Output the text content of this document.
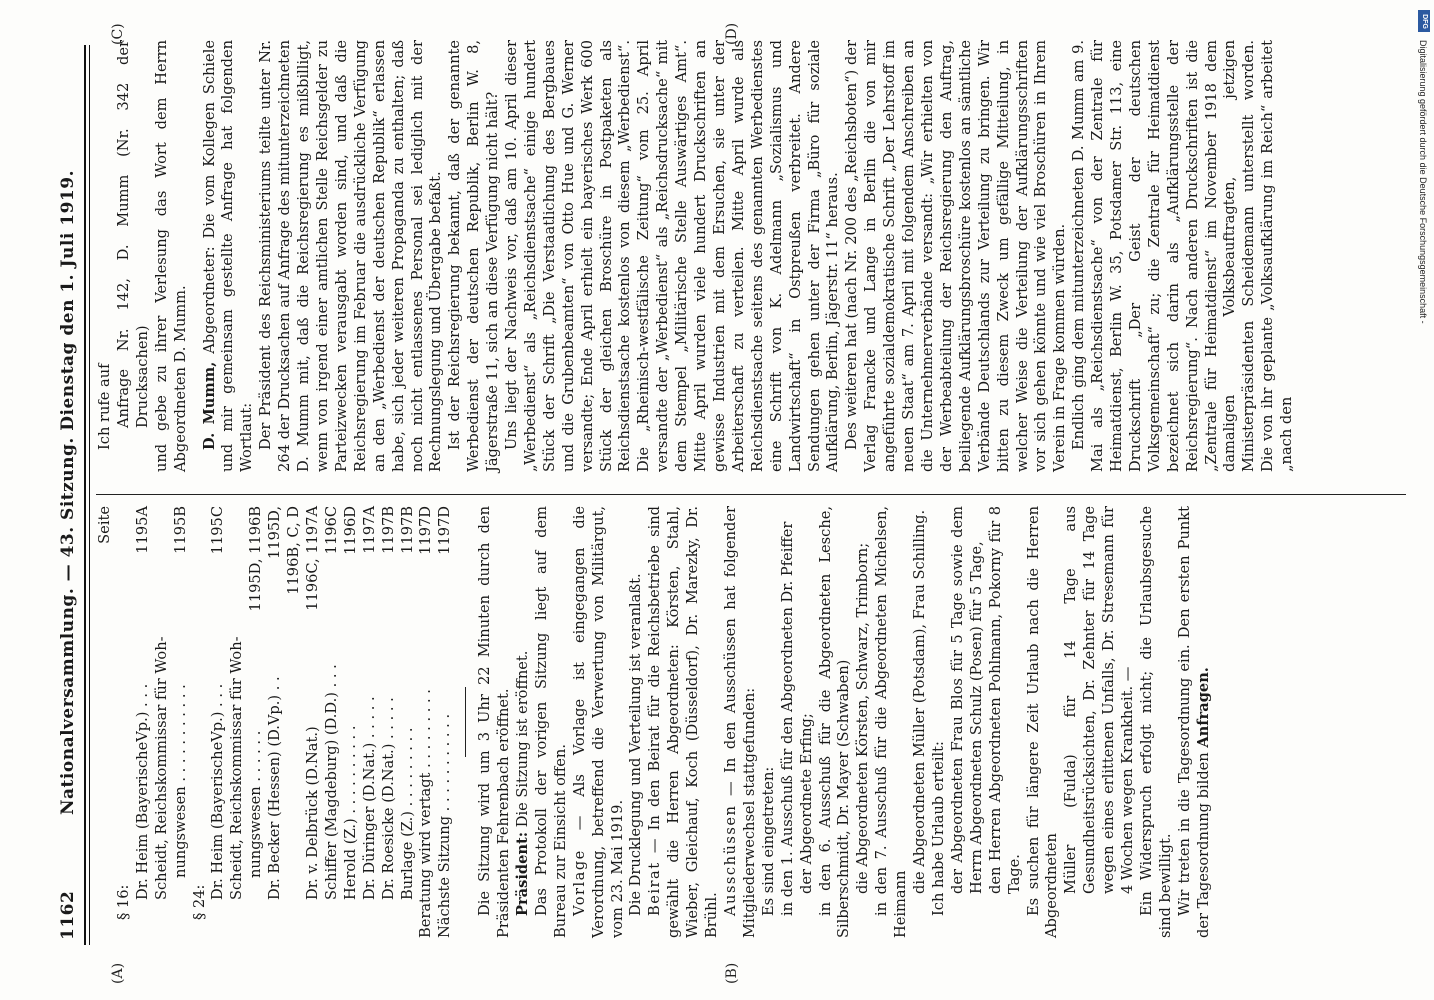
1162
Nationalversammlung. — 43. Sitzung. Dienstag den 1. Juli 1919.
(A)	(B)
(C)	(D)
Seite
§ 16:
Dr. Heim (BayerischeVp.) . . .
1195A
Scheidt, Reichskommissar für Woh- nungswesen . . . . . . . . . . .
1195B
§ 24:
Dr. Heim (BayerischeVp.) . . .
1195C
Scheidt, Reichskommissar für Woh- nungswesen . . . . . .
1195D, 1196B
Dr. Becker (Hessen) (D.Vp.) . .
1195D, 1196B, C, D
Dr. v. Delbrück (D.Nat.)
1196C, 1197A
Schiffer (Magdeburg) (D.D.) . . .
1196C
Herold (Z.) . . . . . . . . . .
1196D
Dr. Düringer (D.Nat.) . . . . .
1197A
Dr. Roesicke (D.Nat.) . . . . .
1197B
Burlage (Z.) . . . . . . . . .
1197B
Beratung wird vertagt . . . . . . . . .
1197D
Nächste Sitzung . . . . . . . . . . .
1197D Die Sitzung wird um 3 Uhr 22 Minuten durch den Präsidenten Fehrenbach eröffnet. Präsident: Die Sitzung ist eröffnet. Das Protokoll der vorigen Sitzung liegt auf dem Bureau zur Einsicht offen. Vorlage — Als Vorlage ist eingegangen die Verordnung, betreffend die Verwertung von Militärgut, vom 23. Mai 1919. Die Drucklegung und Verteilung ist veranlaßt. Beirat — In den Beirat für die Reichsbetriebe sind gewählt die Herren Abgeordneten: Körsten, Stahl, Wieber, Gleichauf, Koch (Düsseldorf), Dr. Marezky, Dr. Brühl. Ausschüssen — In den Ausschüssen hat folgender Mitgliederwechsel stattgefunden: Es sind eingetreten: in den 1. Ausschuß für den Abgeordneten Dr. Pfeiffer der Abgeordnete Erfing; in den 6. Ausschuß für die Abgeordneten Lesche, Silberschmidt, Dr. Mayer (Schwaben) die Abgeordneten Körsten, Schwarz, Trimborn; in den 7. Ausschuß für die Abgeordneten Michelsen, Heimann

die Abgeordneten Müller (Potsdam), Frau Schilling. Ich habe Urlaub erteilt: der Abgeordneten Frau Blos für 5 Tage sowie dem Herrn Abgeordneten Schulz (Posen) für 5 Tage, den Herren Abgeordneten Pohlmann, Pokorny für 8 Tage. Es suchen für längere Zeit Urlaub nach die Herren Abgeordneten Müller (Fulda) für 14 Tage aus Gesundheitsrücksichten, Dr. Zehnter für 14 Tage wegen eines erlittenen Unfalls, Dr. Stresemann für 4 Wochen wegen Krankheit. — Ein Widerspruch erfolgt nicht; die Urlaubsgesuche sind bewilligt. Wir treten in die Tagesordnung ein. Den ersten Punkt der Tagesordnung bilden Anfragen.

Ich rufe auf Anfrage Nr. 142, D. Mumm (Nr. 342 der Drucksachen) und gebe zu ihrer Verlesung das Wort dem Herrn Abgeordneten D. Mumm. D. Mumm, Abgeordneter: Die vom Kollegen Schiele und mir gemeinsam gestellte Anfrage hat folgenden Wortlaut: Der Präsident des Reichsministeriums teilte unter Nr. 264 der Drucksachen auf Anfrage des mitunterzeichneten D. Mumm mit, daß die Reichsregierung es mißbilligt, wenn von irgend einer amtlichen Stelle Reichsgelder zu Parteizwecken verausgabt worden sind, und daß die Reichsregierung im Februar die ausdrückliche Verfügung an den „Werbedienst der deutschen Republik“ erlassen habe, sich jeder weiteren Propaganda zu enthalten; daß noch nicht entlassenes Personal sei lediglich mit der Rechnungslegung und Übergabe befaßt. Ist der Reichsregierung bekannt, daß der genannte Werbedienst der deutschen Republik, Berlin W. 8, Jägerstraße 11, sich an diese Verfügung nicht hält? Uns liegt der Nachweis vor, daß am 10. April dieser „Werbedienst“ als „Reichsdienstsache“ einige hundert Stück der Schrift „Die Verstaatlichung des Bergbaues und die Grubenbeamten“ von Otto Hue und G. Werner versandte; Ende April erhielt ein bayerisches Werk 600 Stück der gleichen Broschüre in Postpaketen als Reichsdienstsache kostenlos von diesem „Werbedienst“. Die „Rheinisch-westfälische Zeitung“ vom 25. April versandte der „Werbedienst“ als „Reichsdrucksache“ mit dem Stempel „Militärische Stelle Auswärtiges Amt“. Mitte April wurden viele hundert Druckschriften an gewisse Industrien mit dem Ersuchen, sie unter der Arbeiterschaft zu verteilen. Mitte April wurde als Reichsdienstsache seitens des genannten Werbedienstes eine Schrift von K. Adelmann „Sozialismus und Landwirtschaft“ in Ostpreußen verbreitet. Andere Sendungen gehen unter der Firma „Büro für soziale Aufklärung, Berlin, Jägerstr. 11“ heraus. Des weiteren hat (nach Nr. 200 des „Reichsboten“) der Verlag Francke und Lange in Berlin die von mir angeführte sozialdemokratische Schrift „Der Lehrstoff im neuen Staat“ am 7. April mit folgendem Anschreiben an die Unternehmerverbände versandt: „Wir erhielten von der Werbeabteilung der Reichsregierung den Auftrag, beiliegende Aufklärungsbroschüre kostenlos an sämtliche Verbände Deutschlands zur Verteilung zu bringen. Wir bitten zu diesem Zweck um gefällige Mitteilung, in welcher Weise die Verteilung der Aufklärungsschriften vor sich gehen könnte und wie viel Broschüren in Ihrem Verein in Frage kommen würden. Endlich ging dem mitunterzeichneten D. Mumm am 9. Mai als „Reichsdienstsache“ von der Zentrale für Heimatdienst, Berlin W. 35, Potsdamer Str. 113, eine Druckschrift „Der Geist der deutschen Volksgemeinschaft“ zu; die Zentrale für Heimatdienst bezeichnet sich darin als „Aufklärungsstelle der Reichsregierung“. Nach anderen Druckschriften ist die „Zentrale für Heimatdienst“ im November 1918 dem damaligen Volksbeauftragten, jetzigen Ministerpräsidenten Scheidemann unterstellt worden. Die von ihr geplante „Volksaufklärung im Reich“ arbeitet „nach den

Digitalisierung gefördert durch die Deutsche Forschungsgemeinschaft -
DFG
